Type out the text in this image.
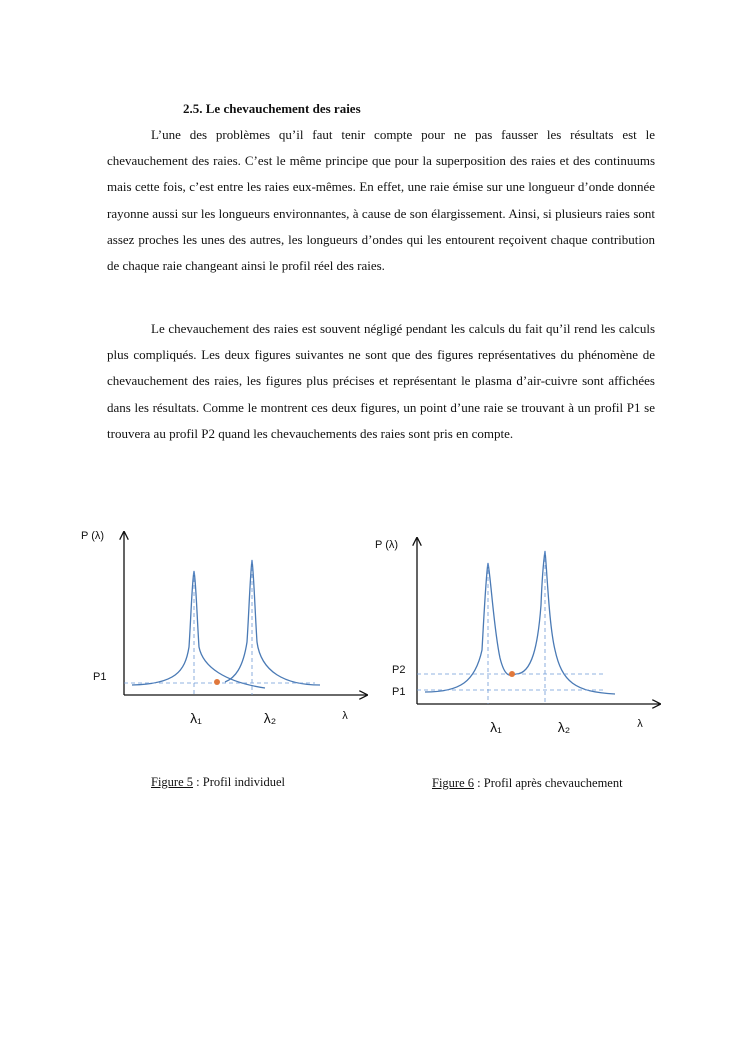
2.5. Le chevauchement des raies

L’une des problèmes qu’il faut tenir compte pour ne pas fausser les résultats est le chevauchement des raies. C’est le même principe que pour la superposition des raies et des continuums mais cette fois, c’est entre les raies eux-mêmes. En effet, une raie émise sur une longueur d’onde donnée rayonne aussi sur les longueurs environnantes, à cause de son élargissement. Ainsi, si plusieurs raies sont assez proches les unes des autres, les longueurs d’ondes qui les entourent reçoivent chaque contribution de chaque raie changeant ainsi le profil réel des raies.

Le chevauchement des raies est souvent négligé pendant les calculs du fait qu’il rend les calculs plus compliqués. Les deux figures suivantes ne sont que des figures représentatives du phénomène de chevauchement des raies, les figures plus précises et représentant le plasma d’air-cuivre sont affichées dans les résultats. Comme le montrent ces deux figures, un point d’une raie se trouvant à un profil P1 se trouvera au profil P2 quand les chevauchements des raies sont pris en compte.

P (λ)
P1
λ₁	λ₂	λ
Figure 5 : Profil individuel
P (λ)
P2
P1
λ₁	λ₂	λ
Figure 6 : Profil après chevauchement
